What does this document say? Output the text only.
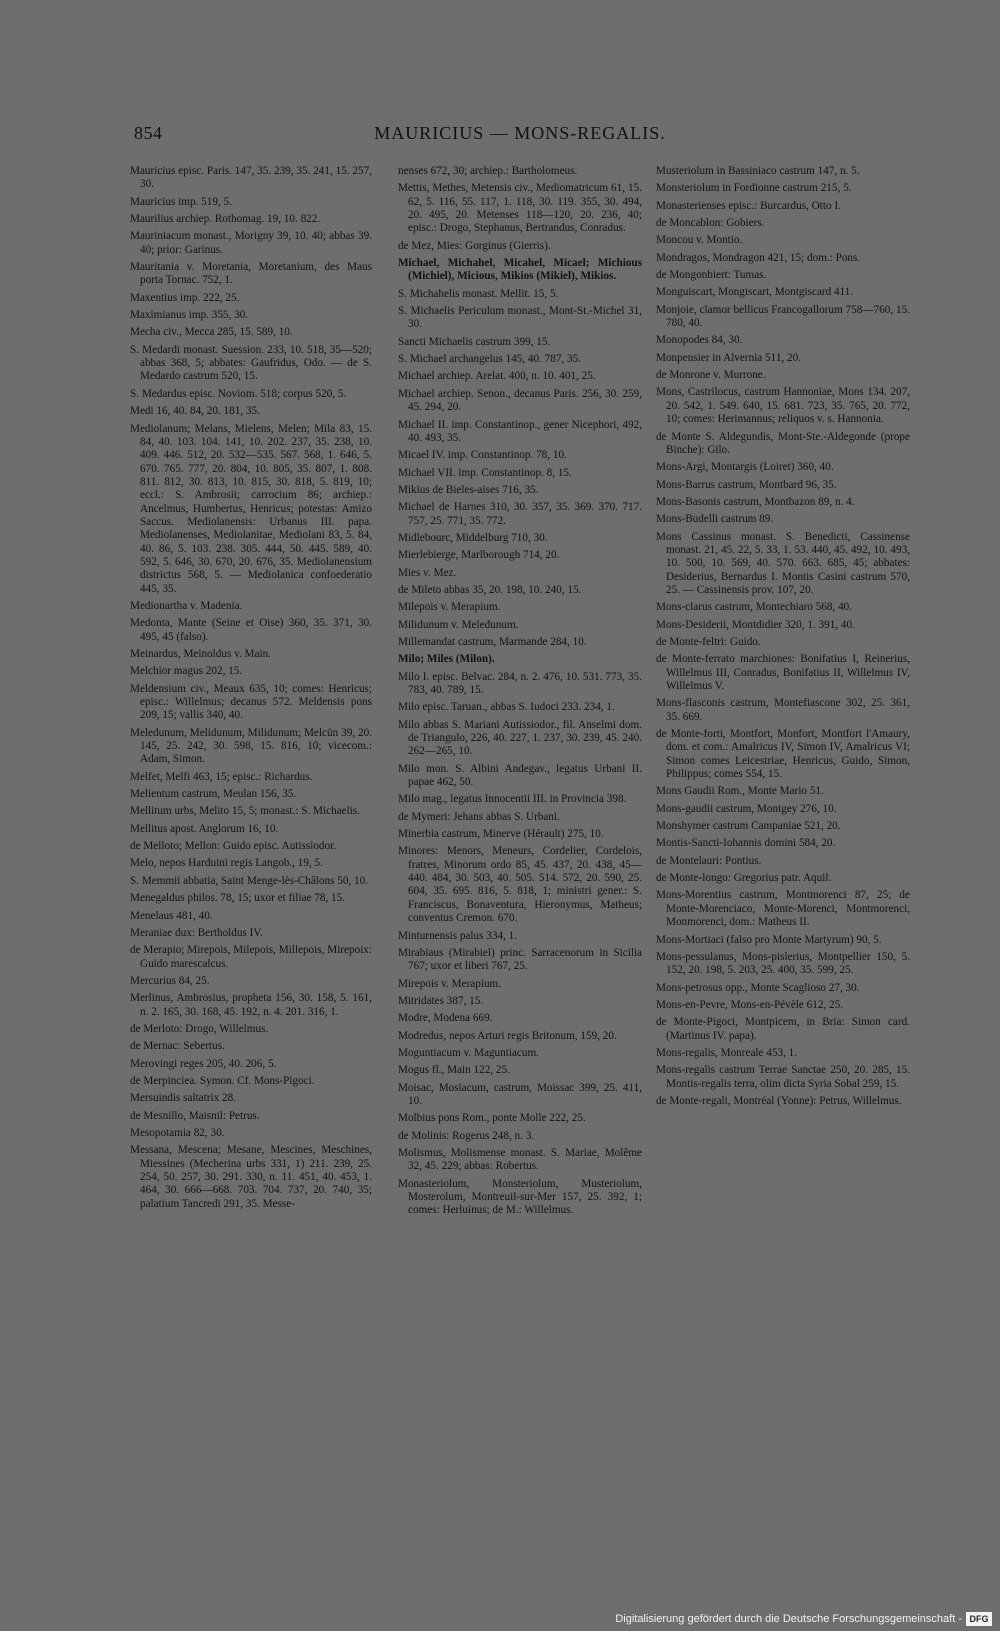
854	MAURICIUS — MONS-REGALIS.
Mauricius episc. Paris. 147, 35. 239, 35. 241, 15. 257, 30.
Mauricius imp. 519, 5.
Maurilius archiep. Rothomag. 19, 10. 822.
Mauriniacum monast., Morigny 39, 10. 40; abbas 39. 40; prior: Garinus.
Mauritania v. Moretania, Moretanium, des Maus porta Tornac. 752, 1.
Maxentius imp. 222, 25.
Maximianus imp. 355, 30.
Mecha civ., Mecca 285, 15. 589, 10.
S. Medardi monast. Suession. 233, 10. 518, 35—520; abbas 368, 5; abbates: Gaufridus, Odo. — de S. Medardo castrum 520, 15.
S. Medardus episc. Noviom. 518; corpus 520, 5.
Medi 16, 40. 84, 20. 181, 35.
Mediolanum; Melans, Mielens, Melen; Mila 83, 15. 84, 40. 103. 104. 141, 10. 202. 237, 35. 238, 10. 409. 446. 512, 20. 532—535. 567. 568, 1. 646, 5. 670. 765. 777, 20. 804, 10. 805, 35. 807, 1. 808. 811. 812, 30. 813, 10. 815, 30. 818, 5. 819, 10; eccl.: S. Ambrosii; carrocium 86; archiep.: Ancelmus, Humbertus, Henricus; potestas: Amizo Saccus. Mediolanensis: Urbanus III. papa. Mediolanenses, Mediolanitae, Mediolani 83, 5. 84, 40. 86, 5. 103. 238. 305. 444, 50. 445. 589, 40. 592, 5. 646, 30. 670, 20. 676, 35. Mediolanensium districtus 568, 5. — Mediolanica confoederatio 445, 35.
Medionartha v. Madenia.
Medonta, Mante (Seine et Oise) 360, 35. 371, 30. 495, 45 (falso).
Meinardus, Meinoldus v. Main.
Melchior magus 202, 15.
Meldensium civ., Meaux 635, 10; comes: Henricus; episc.: Willelmus; decanus 572. Meldensis pons 209, 15; vallis 340, 40.
Meledunum, Melidunum, Milidunum; Melcün 39, 20. 145, 25. 242, 30. 598, 15. 816, 10; vicecom.: Adam, Simon.
Melfet, Melfi 463, 15; episc.: Richardus.
Melientum castrum, Meulan 156, 35.
Mellitum urbs, Melito 15, 5; monast.: S. Michaelis.
Mellitus apost. Anglorum 16, 10.
de Melloto; Mellon: Guido episc. Autissiodor.
Melo, nepos Harduini regis Langob., 19, 5.
S. Memmii abbatia, Saint Menge-lès-Châlons 50, 10.
Menegaldus philos. 78, 15; uxor et filiae 78, 15.
Menelaus 481, 40.
Meraniae dux: Bertholdus IV.
de Merapio; Mirepois, Milepois, Millepois, Mirepoix: Guido marescalcus.
Mercurius 84, 25.
Merlinus, Ambrosius, propheta 156, 30. 158, 5. 161, n. 2. 165, 30. 168, 45. 192, n. 4. 201. 316, 1.
de Merloto: Drogo, Willelmus.
de Mernac: Sebertus.
Merovingi reges 205, 40. 206, 5.
de Merpinciea. Symon. Cf. Mons-Pigoci.
Mersuindis saltatrix 28.
de Mesnillo, Maisnil: Petrus.
Mesopotamia 82, 30.
Messana, Mescena; Mesane, Mescines, Meschines, Miessines (Mecherina urbs 331, 1) 211. 239, 25. 254, 50. 257, 30. 291. 330, n. 11. 451, 40. 453, 1. 464, 30. 666—668. 703. 704. 737, 20. 740, 35; palatium Tancredi 291, 35. Messe-
nenses 672, 30; archiep.: Bartholomeus.
Mettis, Methes, Metensis civ., Mediomatricum 61, 15. 62, 5. 116, 55. 117, 1. 118, 30. 119. 355, 30. 494, 20. 495, 20. Metenses 118—120, 20. 236, 40; episc.: Drogo, Stephanus, Bertrandus, Conradus.
de Mez, Mies: Gorginus (Gierris).
Michael, Michahel, Micahel, Micael; Michious (Michiel), Micious, Mikios (Mikiel), Mikios.
S. Michahelis monast. Mellit. 15, 5.
S. Michaelis Periculum monast., Mont-St.-Michel 31, 30.
Sancti Michaelis castrum 399, 15.
S. Michael archangelus 145, 40. 787, 35.
Michael archiep. Arelat. 400, n. 10. 401, 25.
Michael archiep. Senon., decanus Paris. 256, 30. 259, 45. 294, 20.
Michael II. imp. Constantinop., gener Nicephori, 492, 40. 493, 35.
Micael IV. imp. Constantinop. 78, 10.
Michael VII. imp. Constantinop. 8, 15.
Mikius de Bieles-aises 716, 35.
Michael de Harnes 310, 30. 357, 35. 369. 370. 717. 757, 25. 771, 35. 772.
Midlebourc, Middelburg 710, 30.
Mierlebierge, Marlborough 714, 20.
Mies v. Mez.
de Mileto abbas 35, 20. 198, 10. 240, 15.
Milepois v. Merapium.
Milidunum v. Meledunum.
Millemandat castrum, Marmande 284, 10.
Milo; Miles (Milon).
Milo I. episc. Belvac. 284, n. 2. 476, 10. 531. 773, 35. 783, 40. 789, 15.
Milo episc. Taruan., abbas S. Iudoci 233. 234, 1.
Milo abbas S. Mariani Autissiodor., fil. Anselmi dom. de Triangulo, 226, 40. 227, 1. 237, 30. 239, 45. 240. 262—265, 10.
Milo mon. S. Albini Andegav., legatus Urbani II. papae 462, 50.
Milo mag., legatus Innocentii III. in Provincia 398.
de Mymeri: Jehans abbas S. Urbani.
Minerbia castrum, Minerve (Hérault) 275, 10.
Minores: Menors, Meneurs, Cordelier, Cordelois, fratres, Minorum ordo 85, 45. 437, 20. 438, 45—440. 484, 30. 503, 40. 505. 514. 572, 20. 590, 25. 604, 35. 695. 816, 5. 818, 1; ministri gener.: S. Franciscus, Bonaventura, Hieronymus, Matheus; conventus Cremon. 670.
Minturnensis palus 334, 1.
Mirabiaus (Mirabiel) princ. Sarracenorum in Sicilia 767; uxor et liberi 767, 25.
Mirepois v. Merapium.
Mitridates 387, 15.
Modre, Modena 669.
Modredus, nepos Arturi regis Britonum, 159, 20.
Moguntiacum v. Maguntiacum.
Mogus fl., Main 122, 25.
Moisac, Mosiacum, castrum, Moissac 399, 25. 411, 10.
Molbius pons Rom., ponte Molle 222, 25.
de Molinis: Rogerus 248, n. 3.
Molismus, Molismense monast. S. Mariae, Molême 32, 45. 229; abbas: Robertus.
Monasteriolum, Monsteriolum, Musteriolum, Mosterolum, Montreuil-sur-Mer 157, 25. 392, 1; comes: Herluinus; de M.: Willelmus.
Musteriolum in Bassiniaco castrum 147, n. 5.
Monsteriolum in Fordionne castrum 215, 5.
Monasterienses episc.: Burcardus, Otto I.
de Moncablon: Gobiers.
Moncou v. Montio.
Mondragos, Mondragon 421, 15; dom.: Pons.
de Mongonbiert: Tumas.
Monguiscart, Mongiscart, Montgiscard 411.
Monjoie, clamor bellicus Francogallorum 758—760, 15. 780, 40.
Monopodes 84, 30.
Monpensier in Alvernia 511, 20.
de Monrone v. Murrone.
Mons, Castrilocus, castrum Hannoniae, Mons 134. 207, 20. 542, 1. 549. 640, 15. 681. 723, 35. 765, 20. 772, 10; comes: Herimannus; reliquos v. s. Hannonia.
de Monte S. Aldegundis, Mont-Ste.-Aldegonde (prope Binche): Gilo.
Mons-Argi, Montargis (Loiret) 360, 40.
Mons-Barrus castrum, Montbard 96, 35.
Mons-Basonis castrum, Montbazon 89, n. 4.
Mons-Budelli castrum 89.
Mons Cassinus monast. S. Benedicti, Cassinense monast. 21, 45. 22, 5. 33, 1. 53. 440, 45. 492, 10. 493, 10. 500, 10. 569, 40. 570. 663. 685, 45; abbates: Desiderius, Bernardus I. Montis Casini castrum 570, 25. — Cassinensis prov. 107, 20.
Mons-clarus castrum, Montechiaro 568, 40.
Mons-Desiderii, Montdidier 320, 1. 391, 40.
de Monte-feltri: Guido.
de Monte-ferrato marchiones: Bonifatius I, Reinerius, Willelmus III, Conradus, Bonifatius II, Willelmus IV, Willelmus V.
Mons-flasconis castrum, Montefiascone 302, 25. 361, 35. 669.
de Monte-forti, Montfort, Monfort, Montfort l'Amaury, dom. et com.: Amalricus IV, Simon IV, Amalricus VI; Simon comes Leicestriae, Henricus, Guido, Simon, Philippus; comes 554, 15.
Mons Gaudii Rom., Monte Mario 51.
Mons-gaudii castrum, Montgey 276, 10.
Monshymer castrum Campaniae 521, 20.
Montis-Sancti-Iohannis domini 584, 20.
de Montelauri: Pontius.
de Monte-longo: Gregorius patr. Aquil.
Mons-Morentius castrum, Montmorenci 87, 25; de Monte-Morenciaco, Monte-Morenci, Montmorenci, Monmorenci, dom.: Matheus II.
Mons-Mortiaci (falso pro Monte Martyrum) 90, 5.
Mons-pessulanus, Mons-pislerius, Montpellier 150, 5. 152, 20. 198, 5. 203, 25. 400, 35. 599, 25.
Mons-petrosus opp., Monte Scaglioso 27, 30.
Mons-en-Pevre, Mons-en-Pévèle 612, 25.
de Monte-Pigoci, Montpicem, in Bria: Simon card. (Martinus IV. papa).
Mons-regalis, Monreale 453, 1.
Mons-regalis castrum Terrae Sanctae 250, 20. 285, 15. Montis-regalis terra, olim dicta Syria Sobal 259, 15.
de Monte-regali, Montréal (Yonne): Petrus, Willelmus.
Digitalisierung gefördert durch die Deutsche Forschungsgemeinschaft - DFG
